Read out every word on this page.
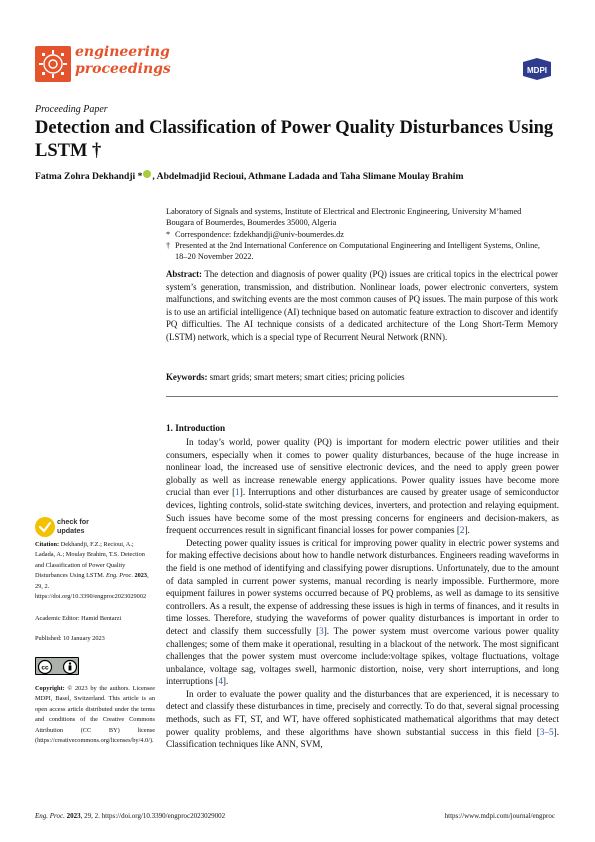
engineering
proceedings	MDPI
Proceeding Paper
Detection and Classification of Power Quality Disturbances Using LSTM †
Fatma Zohra Dekhandji * , Abdelmadjid Recioui, Athmane Ladada and Taha Slimane Moulay Brahim
Laboratory of Signals and systems, Institute of Electrical and Electronic Engineering, University M’hamed
Bougara of Boumerdes, Boumerdes 35000, Algeria
* Correspondence: fzdekhandji@univ-boumerdes.dz
† Presented at the 2nd International Conference on Computational Engineering and Intelligent Systems, Online,
18–20 November 2022.
Abstract: The detection and diagnosis of power quality (PQ) issues are critical topics in the electrical power system’s generation, transmission, and distribution. Nonlinear loads, power electronic converters, system malfunctions, and switching events are the most common causes of PQ issues. The main purpose of this work is to use an artificial intelligence (AI) technique based on automatic feature extraction to discover and identify PQ difficulties. The AI technique consists of a dedicated architecture of the Long Short-Term Memory (LSTM) network, which is a special type of Recurrent Neural Network (RNN).
Keywords: smart grids; smart meters; smart cities; pricing policies
1. Introduction

In today’s world, power quality (PQ) is important for modern electric power utilities and their consumers, especially when it comes to power quality disturbances, because of the huge increase in nonlinear load, the increased use of sensitive electronic devices, and the need to apply green power globally as well as increase renewable energy applications. Power quality issues have become more crucial than ever [1]. Interruptions and other disturbances are caused by greater usage of semiconductor devices, lighting controls, solid-state switching devices, inverters, and protection and relaying equipment. Such issues have become some of the most pressing concerns for engineers and decision-makers, as frequent occurrences result in significant financial losses for power companies [2].

Detecting power quality issues is critical for improving power quality in electric power systems and for making effective decisions about how to handle network disturbances. Engineers reading waveforms in the field is one method of identifying and classifying power disruptions. Unfortunately, due to the amount of data sampled in current power systems, manual recording is nearly impossible. Furthermore, more equipment failures in power systems occurred because of PQ problems, as well as damage to its sensitive controllers. As a result, the expense of addressing these issues is high in terms of finances, and it results in time losses. Therefore, studying the waveforms of power quality disturbances is important in order to detect and classify them successfully [3]. The power system must overcome various power quality challenges; some of them make it operational, resulting in a blackout of the network. The most significant challenges that the power system must overcome include:voltage spikes, voltage fluctuations, voltage unbalance, voltage sag, voltages swell, harmonic distortion, noise, very short interruptions, and long interruptions [4].

In order to evaluate the power quality and the disturbances that are experienced, it is necessary to detect and classify these disturbances in time, precisely and correctly. To do that, several signal processing methods, such as FT, ST, and WT, have offered sophisticated mathematical algorithms that may detect power quality problems, and these algorithms have shown substantial success in this field [3–5]. Classification techniques like ANN, SVM,

check for
updates
Citation: Dekhandji, F.Z.; Recioui, A.; Ladada, A.; Moulay Brahim, T.S. Detection and Classification of Power Quality Disturbances Using LSTM. Eng. Proc. 2023, 29, 2. https://doi.org/10.3390/engproc2023029002
Academic Editor: Hamid Bentarzi
Published: 10 January 2023
cc
Copyright: © 2023 by the authors. Licensee MDPI, Basel, Switzerland. This article is an open access article distributed under the terms and conditions of the Creative Commons Attribution (CC BY) license (https://creativecommons.org/licenses/by/4.0/).
Eng. Proc. 2023, 29, 2. https://doi.org/10.3390/engproc2023029002	https://www.mdpi.com/journal/engproc
